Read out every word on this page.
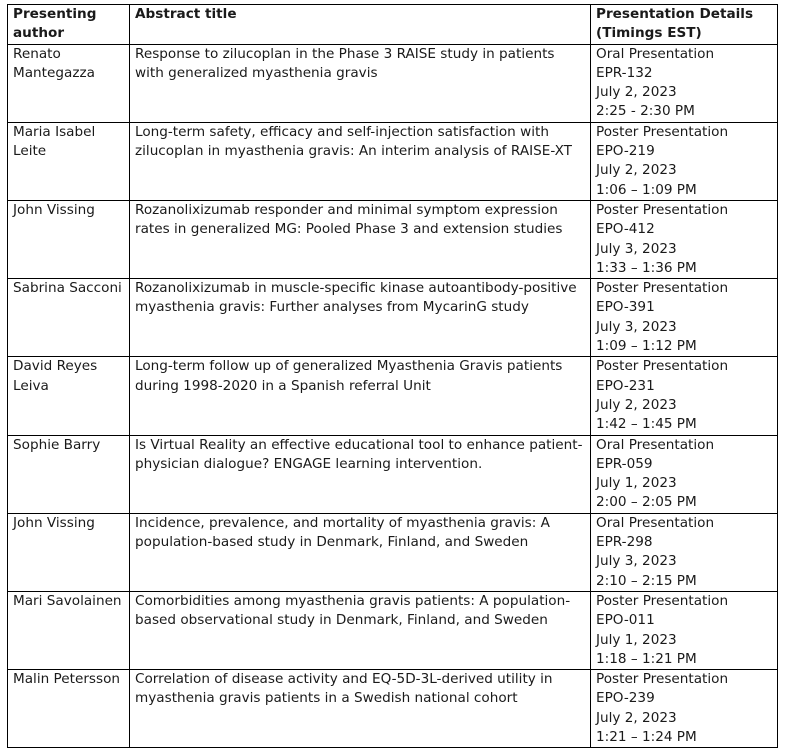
Presenting author	Abstract title	Presentation Details
(Timings EST)

Renato Mantegazza	Response to zilucoplan in the Phase 3 RAISE study in patients with generalized myasthenia gravis	Oral Presentation
EPR-132
July 2, 2023
2:25 - 2:30 PM

Maria Isabel Leite	Long-term safety, efficacy and self-injection satisfaction with zilucoplan in myasthenia gravis: An interim analysis of RAISE-XT	Poster Presentation
EPO-219
July 2, 2023
1:06 – 1:09 PM

John Vissing	Rozanolixizumab responder and minimal symptom expression rates in generalized MG: Pooled Phase 3 and extension studies	Poster Presentation
EPO-412
July 3, 2023
1:33 – 1:36 PM

Sabrina Sacconi	Rozanolixizumab in muscle-specific kinase autoantibody-positive myasthenia gravis: Further analyses from MycarinG study	Poster Presentation
EPO-391
July 3, 2023
1:09 – 1:12 PM

David Reyes Leiva	Long-term follow up of generalized Myasthenia Gravis patients during 1998-2020 in a Spanish referral Unit	Poster Presentation
EPO-231
July 2, 2023
1:42 – 1:45 PM

Sophie Barry	Is Virtual Reality an effective educational tool to enhance patient-physician dialogue? ENGAGE learning intervention.	Oral Presentation
EPR-059
July 1, 2023
2:00 – 2:05 PM

John Vissing	Incidence, prevalence, and mortality of myasthenia gravis: A population-based study in Denmark, Finland, and Sweden	Oral Presentation
EPR-298
July 3, 2023
2:10 – 2:15 PM

Mari Savolainen	Comorbidities among myasthenia gravis patients: A population-based observational study in Denmark, Finland, and Sweden	Poster Presentation
EPO-011
July 1, 2023
1:18 – 1:21 PM

Malin Petersson	Correlation of disease activity and EQ-5D-3L-derived utility in myasthenia gravis patients in a Swedish national cohort	Poster Presentation
EPO-239
July 2, 2023
1:21 – 1:24 PM
